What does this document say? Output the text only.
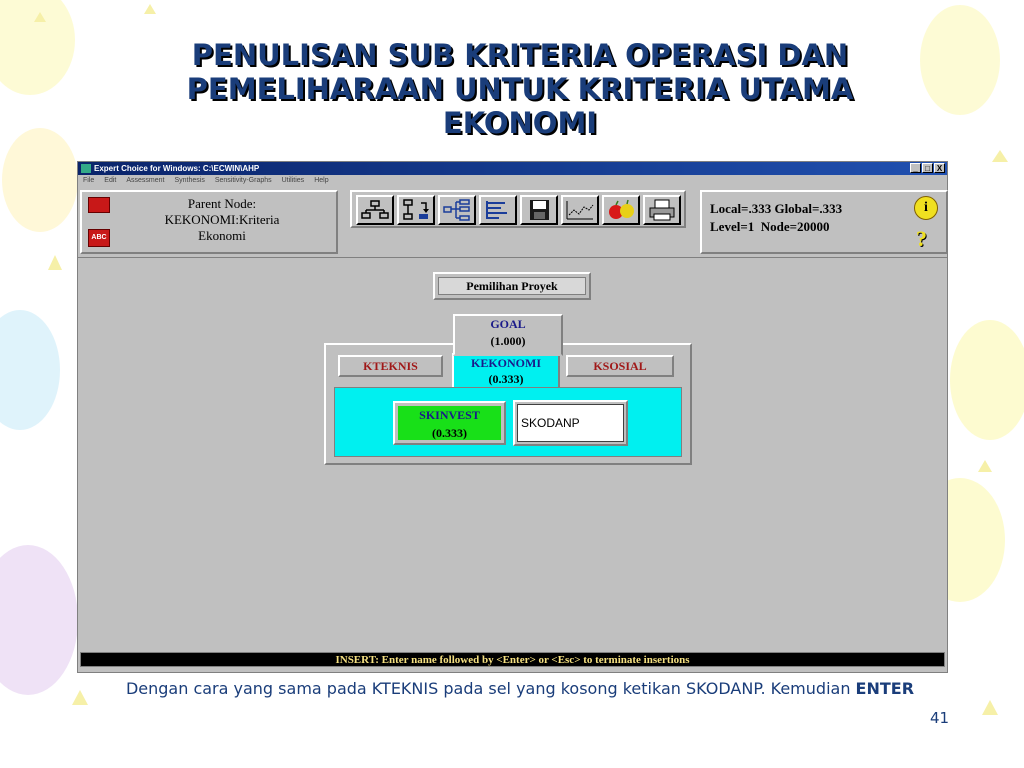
PENULISAN SUB KRITERIA OPERASI DAN
PEMELIHARAAN UNTUK KRITERIA UTAMA
EKONOMI
Expert Choice for Windows: C:\ECWIN\AHP	_ □ X
File Edit Assessment Synthesis Sensitivity-Graphs Utilities Help
ABC
Parent Node:
KEKONOMI:Kriteria
Ekonomi
Local=.333 Global=.333
Level=1  Node=20000
i
?
Pemilihan Proyek
KTEKNIS	KEKONOMI
(0.333)
KSOSIAL
SKINVEST
(0.333)
SKODANP
GOAL
(1.000)
INSERT: Enter name followed by <Enter> or <Esc> to terminate insertions

Dengan cara yang sama pada KTEKNIS pada sel yang kosong ketikan SKODANP. Kemudian ENTER

41
